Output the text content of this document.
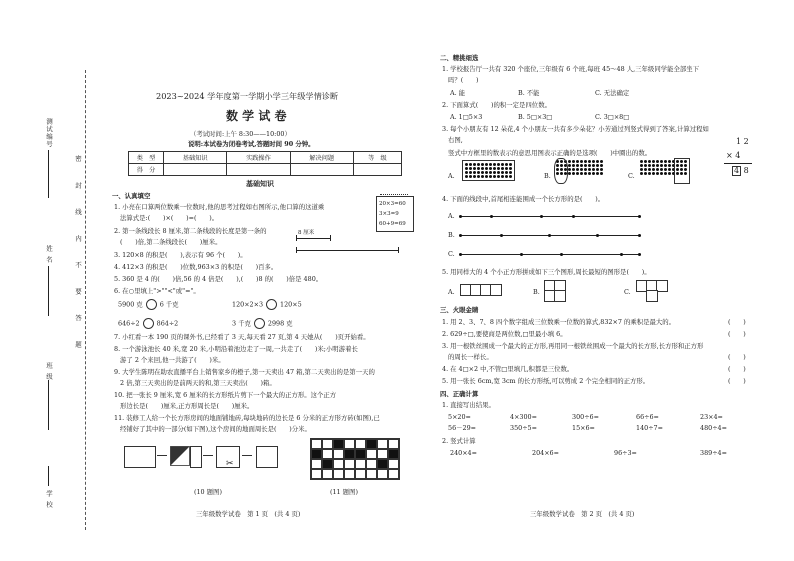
测试编号
姓 名
班 级
学 校
密 封 线 内 不 要 答 题
2023~2024 学年度第一学期小学三年级学情诊断
数 学 试 卷
（考试时间:上午 8:30——10:00）
说明:本试卷为闭卷考试,答题时间 90 分钟。
类　型	基础知识	实践操作	解决问题	等　级
得　分				
基础知识
一、认真填空
1. 小亮在口算两位数乘一位数时,他的思考过程如右图所示,他口算的这道乘
法算式是:(　　)×(　　)=(　　)。
20×3=60
3×3=9
60+9=69
2. 第一条线段长 8 厘米,第二条线段的长度是第一条的
(　　)倍,第二条线段长(　　)厘米。
8 厘米
3. 120×8 的积是(　　),表示有 96 个(　　)。
4. 412×3 的积是(　　)位数,963×3 的积是(　　)百多。
5. 360 是 4 的(　　)倍,56 的 4 倍是(　　),(　　)8 的(　　)倍是 480。
6. 在○里填上">""<"或"="。
5900 克	6 千克	120×2×3	120×5
646÷2	864÷2	3 千克	2998 克
7. 小红看一本 190 页的课外书,已经看了 3 天,每天看 27 页,第 4 天她从(　　)页开始看。
8. 一个游泳池长 40 米,宽 20 米,小明沿着池边走了一周,一共走了(　　)米;小明游着长
游了 2 个来回,他一共游了(　　)米。
9. 大学生陈明在助农直播平台上销售家乡的橙子,第一天卖出 47 箱,第二天卖出的是第一天的
2 倍,第三天卖出的是前两天的和,第三天卖出(　　)箱。
10. 把一张长 9 厘米,宽 6 厘米的长方形纸片剪下一个最大的正方形。这个正方
形边长是(　　)厘米,正方形周长是(　　)厘米。
11. 装修工人给一个长方形房间的地面铺地砖,每块地砖的边长是 6 分米的正方形方砖(如图),已
经铺好了其中的一部分(如下图),这个房间的地面周长是(　　)分米。
✂
(10 题图)	(11 题图)
三年级数学试卷　第 1 页　(共 4 页)
二、精挑细选
1. 学校报告厅一共有 320 个座位,三年级有 6 个班,每班 45～48 人,三年级同学能全部坐下
吗？(　　)
A. 能	B. 不能	C. 无法确定
2. 下面算式(　　)的积一定是四位数。
A. 1□5×3	B. 5□×3□	C. 3□×8□
3. 每个小朋友有 12 朵花,4 个小朋友一共有多少朵花？小芳通过列竖式得到了答案,计算过程如
右图,
竖式中方框里的数表示的意思用图表示正确的是选项(　　)中圈出的数。
1 2
× 4
4 8
A.	B.	C.
4. 下面的线段中,首尾相连能围成一个长方形的是(　　)。
A.
B.
C.
5. 用同样大的 4 个小正方形拼成如下三个图形,周长最短的图形是(　　)。
A.	B.	C.
三、火眼金睛
1. 用 2、3、7、8 四个数字组成三位数乘一位数的算式,832×7 的乘积是最大的。	(　　)
2. 629÷□,要使商是两位数,□里最小填 6。	(　　)
3. 用一根铁丝围成一个最大的正方形,再用同一根铁丝围成一个最大的长方形,长方形和正方形
的周长一样长。	(　　)
4. 在 4□×2 中,不管□里填几,积都是三位数。	(　　)
5. 用一张长 6cm,宽 3cm 的长方形纸,可以剪成 2 个完全相同的正方形。	(　　)
四、正确计算
1. 直接写出结果。
5×20=	4×300=	300÷6=	66÷6=	23×4=
56－29=	350÷5=	15×6=	140÷7=	480÷4=
2. 竖式计算
240×4=	204×6=	96÷3=	389÷4=
三年级数学试卷　第 2 页　(共 4 页)
